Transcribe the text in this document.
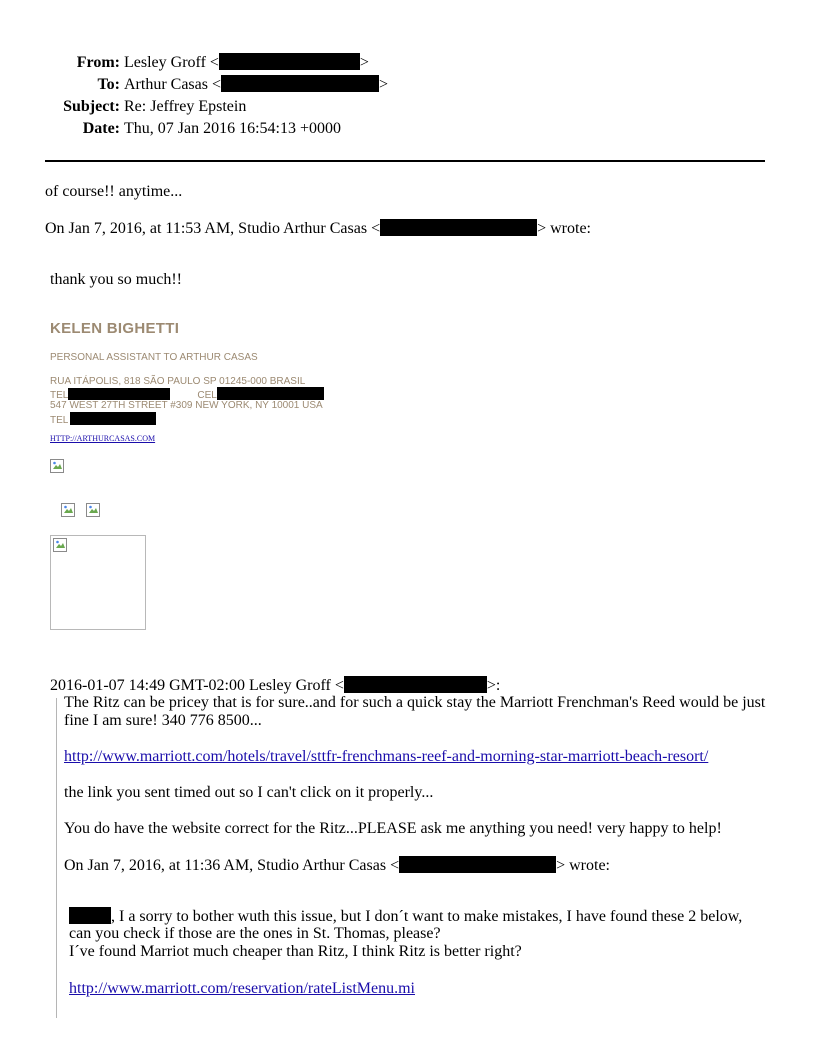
From: Lesley Groff <	>
To: Arthur Casas <	>
Subject: Re: Jeffrey Epstein
Date: Thu, 07 Jan 2016 16:54:13 +0000
of course!! anytime...
On Jan 7, 2016, at 11:53 AM, Studio Arthur Casas <	> wrote:
thank you so much!!
KELEN BIGHETTI
PERSONAL ASSISTANT TO ARTHUR CASAS
RUA ITÁPOLIS, 818 SÃO PAULO SP 01245-000 BRASIL
TEL	CEL
547 WEST 27TH STREET #309 NEW YORK, NY 10001 USA
TEL
HTTP://ARTHURCASAS.COM
2016-01-07 14:49 GMT-02:00 Lesley Groff <	>:
The Ritz can be pricey that is for sure..and for such a quick stay the Marriott Frenchman's Reed would be just
fine I am sure! 340 776 8500...
http://www.marriott.com/hotels/travel/sttfr-frenchmans-reef-and-morning-star-marriott-beach-resort/
the link you sent timed out so I can't click on it properly...
You do have the website correct for the Ritz...PLEASE ask me anything you need! very happy to help!
On Jan 7, 2016, at 11:36 AM, Studio Arthur Casas <	> wrote:
, I a sorry to bother wuth this issue, but I don´t want to make mistakes, I have found these 2 below,
can you check if those are the ones in St. Thomas, please?
I´ve found Marriot much cheaper than Ritz, I think Ritz is better right?
http://www.marriott.com/reservation/rateListMenu.mi
